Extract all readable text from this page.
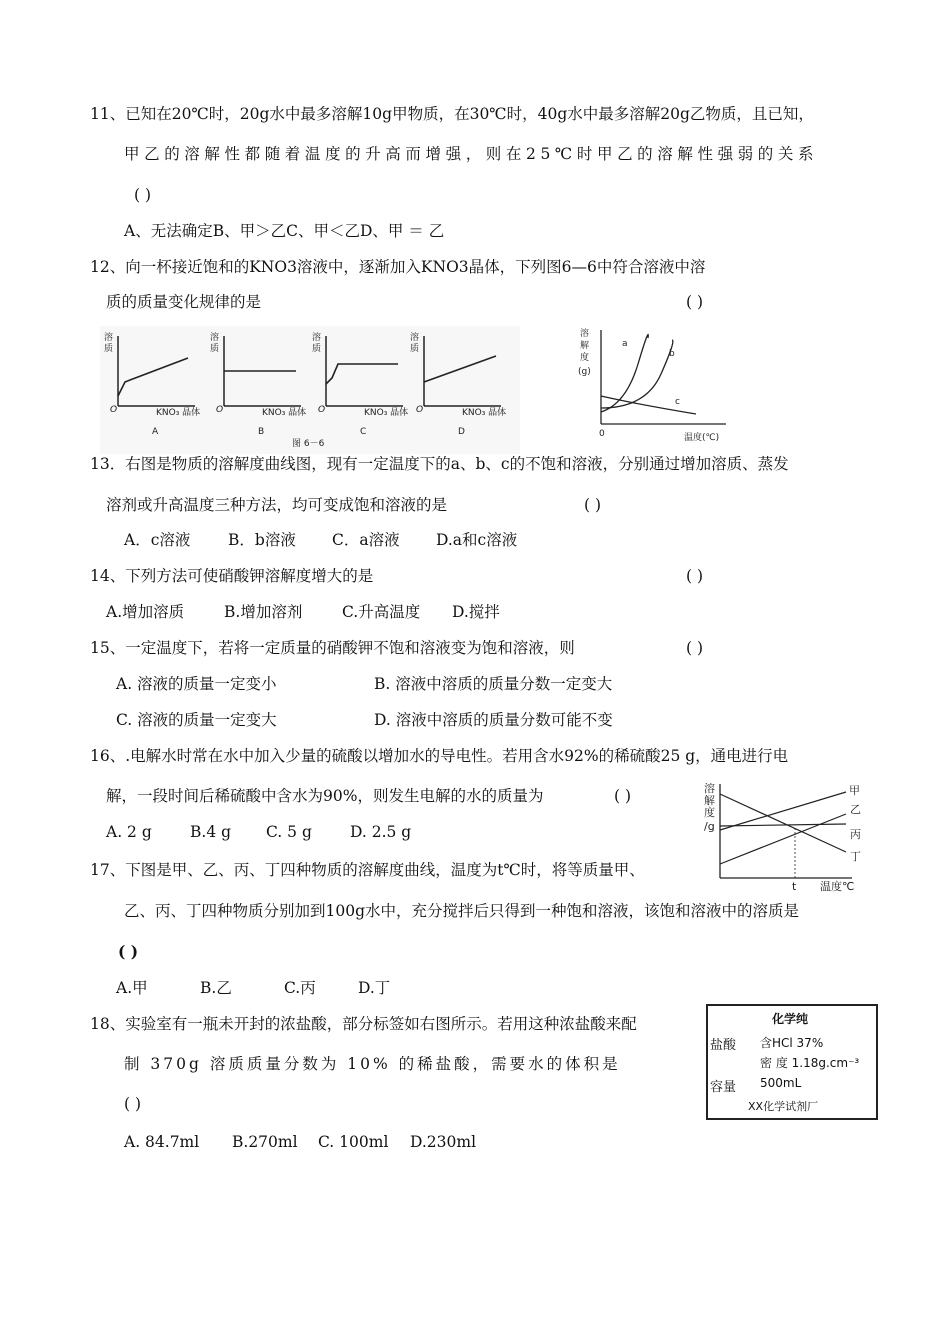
11、已知在20℃时，20g水中最多溶解10g甲物质，在30℃时，40g水中最多溶解20g乙物质，且已知，
甲乙的溶解性都随着温度的升高而增强，则在25℃时甲乙的溶解性强弱的关系
( )
A、无法确定B、甲＞乙C、甲＜乙D、甲 ＝ 乙
12、向一杯接近饱和的KNO3溶液中，逐渐加入KNO3晶体，下列图6—6中符合溶液中溶
质的质量变化规律的是	( )
溶
质
O	KNO₃ 晶体
A
溶
质
O	KNO₃ 晶体
B
溶
质
O	KNO₃ 晶体
C
溶
质
O	KNO₃ 晶体
D
图 6－6
溶
解
度
(g)
a
b
c
0	温度(℃)
13．右图是物质的溶解度曲线图，现有一定温度下的a、b、c的不饱和溶液，分别通过增加溶质、蒸发
溶剂或升高温度三种方法，均可变成饱和溶液的是	( )
A．c溶液 B．b溶液 C．a溶液 D.a和c溶液
14、下列方法可使硝酸钾溶解度增大的是	( )
A.增加溶质	B.增加溶剂	C.升高温度 D.搅拌
15、一定温度下，若将一定质量的硝酸钾不饱和溶液变为饱和溶液，则	( )
A. 溶液的质量一定变小	B. 溶液中溶质的质量分数一定变大
C. 溶液的质量一定变大	D. 溶液中溶质的质量分数可能不变
16、.电解水时常在水中加入少量的硫酸以增加水的导电性。若用含水92%的稀硫酸25 g，通电进行电
解，一段时间后稀硫酸中含水为90%，则发生电解的水的质量为	( )
A. 2 g B.4 g C. 5 g D. 2.5 g
溶
解
度
/g
甲
乙
丙
丁
t 温度℃
17、下图是甲、乙、丙、丁四种物质的溶解度曲线，温度为t℃时，将等质量甲、
乙、丙、丁四种物质分别加到100g水中，充分搅拌后只得到一种饱和溶液，该饱和溶液中的溶质是
( )
A.甲	B.乙	C.丙	D.丁
18、实验室有一瓶未开封的浓盐酸，部分标签如右图所示。若用这种浓盐酸来配
制 370g 溶质质量分数为 10% 的稀盐酸，需要水的体积是
( )
A. 84.7ml B.270ml C. 100ml D.230ml
化学纯
盐酸 含HCl 37%
密 度 1.18g.cm⁻³
容量 500mL
XX化学试剂厂
